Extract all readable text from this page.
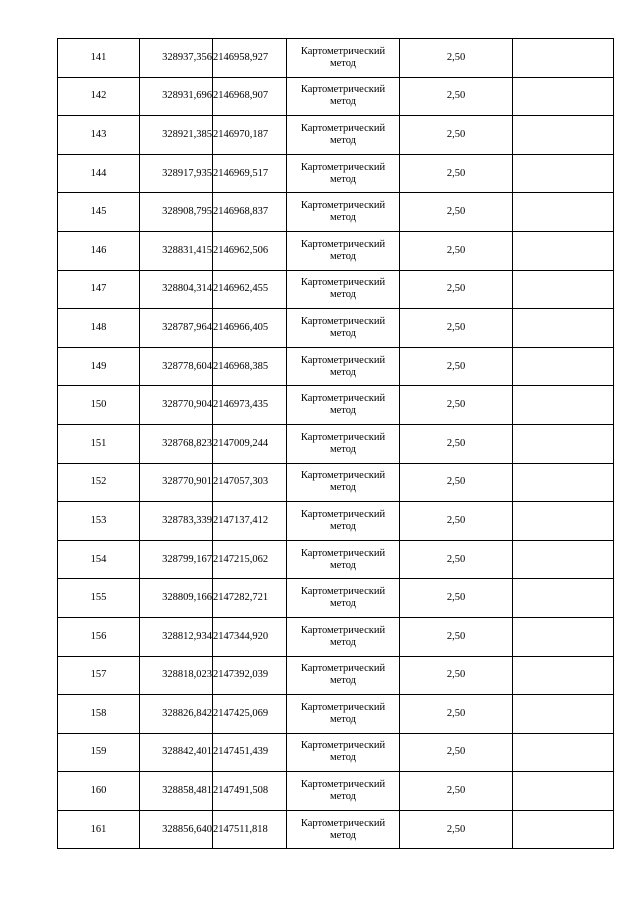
141	328937,356	2146958,927	Картометрический метод	2,50	
142	328931,696	2146968,907	Картометрический метод	2,50	
143	328921,385	2146970,187	Картометрический метод	2,50	
144	328917,935	2146969,517	Картометрический метод	2,50	
145	328908,795	2146968,837	Картометрический метод	2,50	
146	328831,415	2146962,506	Картометрический метод	2,50	
147	328804,314	2146962,455	Картометрический метод	2,50	
148	328787,964	2146966,405	Картометрический метод	2,50	
149	328778,604	2146968,385	Картометрический метод	2,50	
150	328770,904	2146973,435	Картометрический метод	2,50	
151	328768,823	2147009,244	Картометрический метод	2,50	
152	328770,901	2147057,303	Картометрический метод	2,50	
153	328783,339	2147137,412	Картометрический метод	2,50	
154	328799,167	2147215,062	Картометрический метод	2,50	
155	328809,166	2147282,721	Картометрический метод	2,50	
156	328812,934	2147344,920	Картометрический метод	2,50	
157	328818,023	2147392,039	Картометрический метод	2,50	
158	328826,842	2147425,069	Картометрический метод	2,50	
159	328842,401	2147451,439	Картометрический метод	2,50	
160	328858,481	2147491,508	Картометрический метод	2,50	
161	328856,640	2147511,818	Картометрический метод	2,50	
